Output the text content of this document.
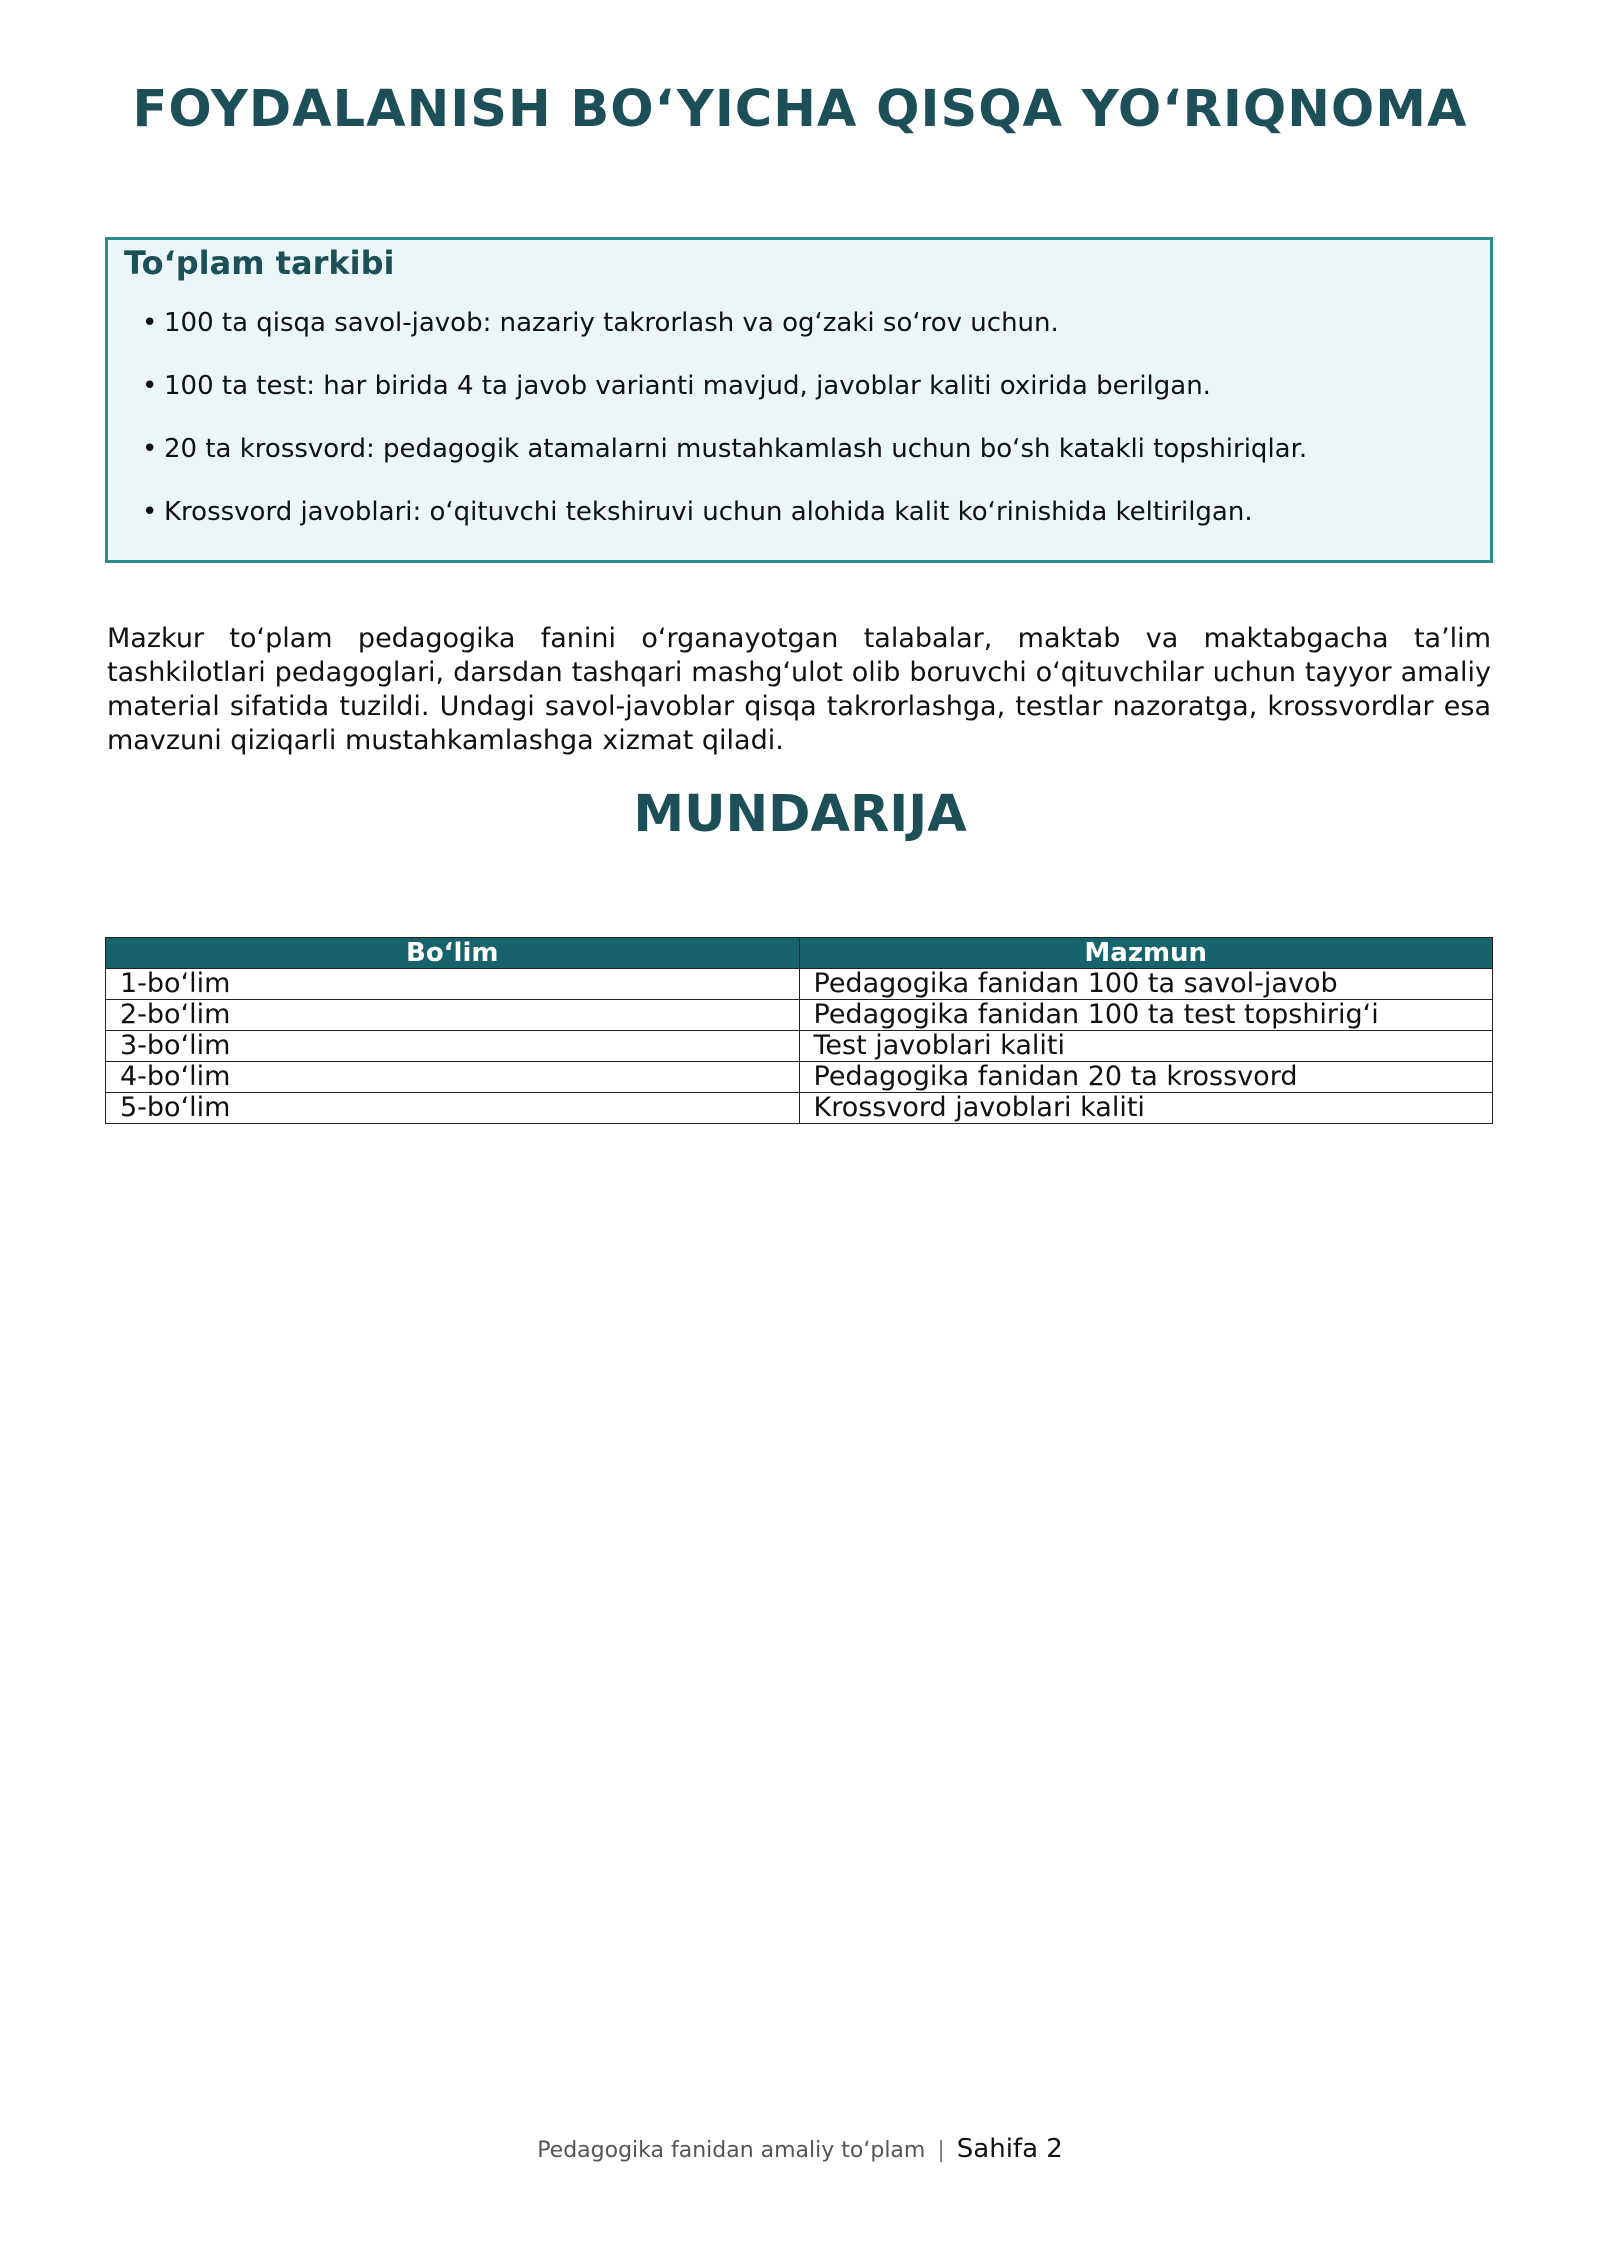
FOYDALANISH BO‘YICHA QISQA YO‘RIQNOMA
To‘plam tarkibi
• 100 ta qisqa savol-javob: nazariy takrorlash va og‘zaki so‘rov uchun.
• 100 ta test: har birida 4 ta javob varianti mavjud, javoblar kaliti oxirida berilgan.
• 20 ta krossvord: pedagogik atamalarni mustahkamlash uchun bo‘sh katakli topshiriqlar.
• Krossvord javoblari: o‘qituvchi tekshiruvi uchun alohida kalit ko‘rinishida keltirilgan.

Mazkur to‘plam pedagogika fanini o‘rganayotgan talabalar, maktab va maktabgacha ta’lim tashkilotlari pedagoglari, darsdan tashqari mashg‘ulot olib boruvchi o‘qituvchilar uchun tayyor amaliy material sifatida tuzildi. Undagi savol-javoblar qisqa takrorlashga, testlar nazoratga, krossvordlar esa mavzuni qiziqarli mustahkamlashga xizmat qiladi.

MUNDARIJA
Bo‘lim	Mazmun
1-bo‘lim	Pedagogika fanidan 100 ta savol-javob
2-bo‘lim	Pedagogika fanidan 100 ta test topshirig‘i
3-bo‘lim	Test javoblari kaliti
4-bo‘lim	Pedagogika fanidan 20 ta krossvord
5-bo‘lim	Krossvord javoblari kaliti
Pedagogika fanidan amaliy to‘plam | Sahifa 2
